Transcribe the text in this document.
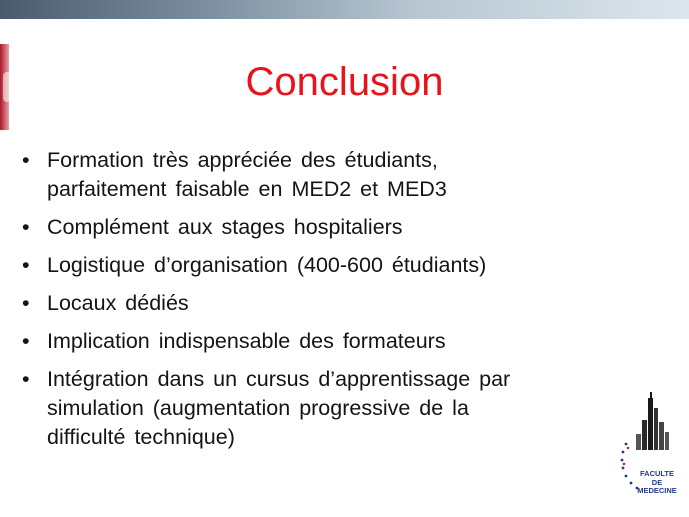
Conclusion
• Formation très appréciée des étudiants,
parfaitement faisable en MED2 et MED3
• Complément aux stages hospitaliers
• Logistique d’organisation (400-600 étudiants)
• Locaux dédiés
• Implication indispensable des formateurs
• Intégration dans un cursus d’apprentissage par
simulation (augmentation progressive de la
difficulté technique)
FACULTE
DE MEDECINE
